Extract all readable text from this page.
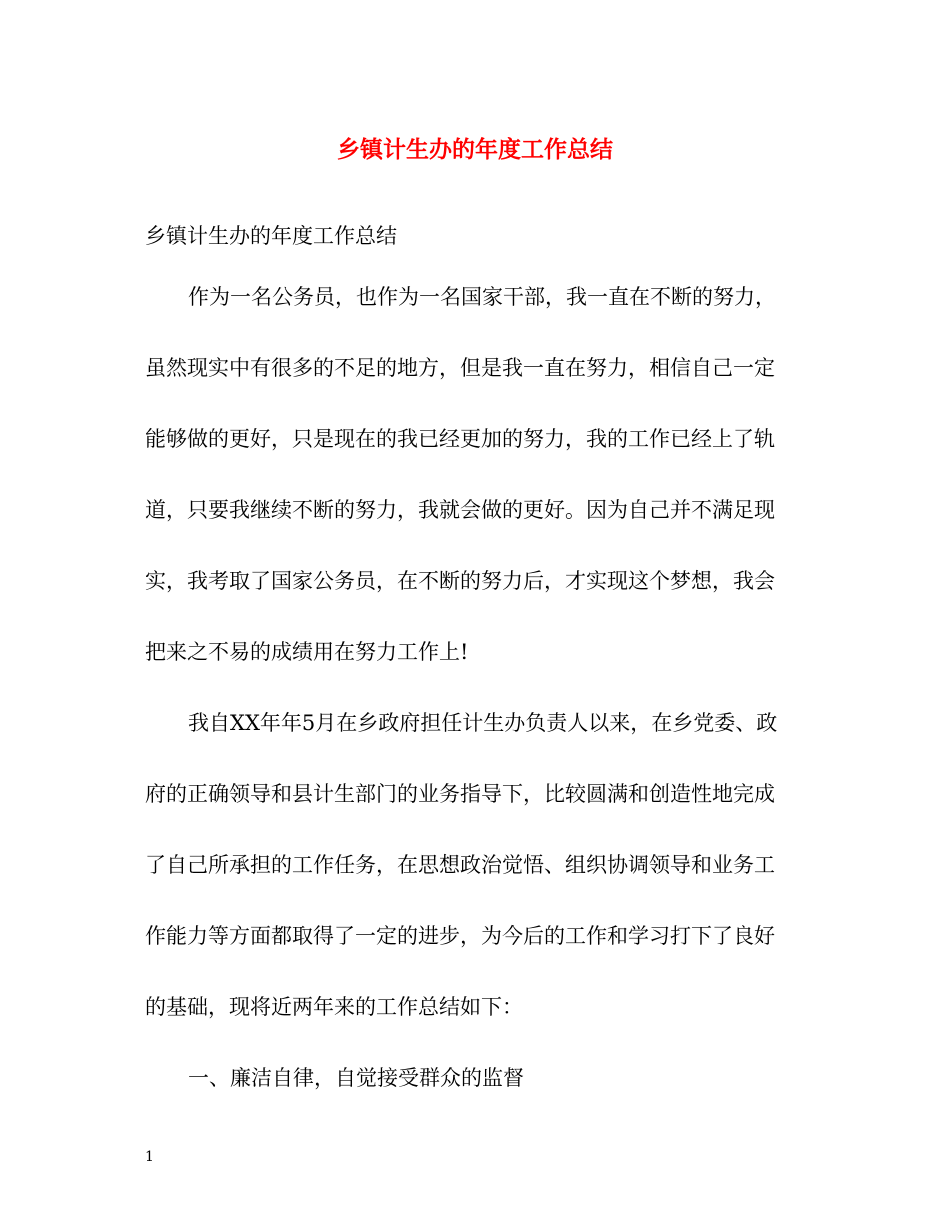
乡镇计生办的年度工作总结

乡镇计生办的年度工作总结

作为一名公务员，也作为一名国家干部，我一直在不断的努力，
虽然现实中有很多的不足的地方，但是我一直在努力，相信自己一定
能够做的更好，只是现在的我已经更加的努力，我的工作已经上了轨
道，只要我继续不断的努力，我就会做的更好。因为自己并不满足现
实，我考取了国家公务员，在不断的努力后，才实现这个梦想，我会
把来之不易的成绩用在努力工作上!
我自XX年年5月在乡政府担任计生办负责人以来，在乡党委、政
府的正确领导和县计生部门的业务指导下，比较圆满和创造性地完成
了自己所承担的工作任务，在思想政治觉悟、组织协调领导和业务工
作能力等方面都取得了一定的进步，为今后的工作和学习打下了良好
的基础，现将近两年来的工作总结如下：
一、廉洁自律，自觉接受群众的监督
1
